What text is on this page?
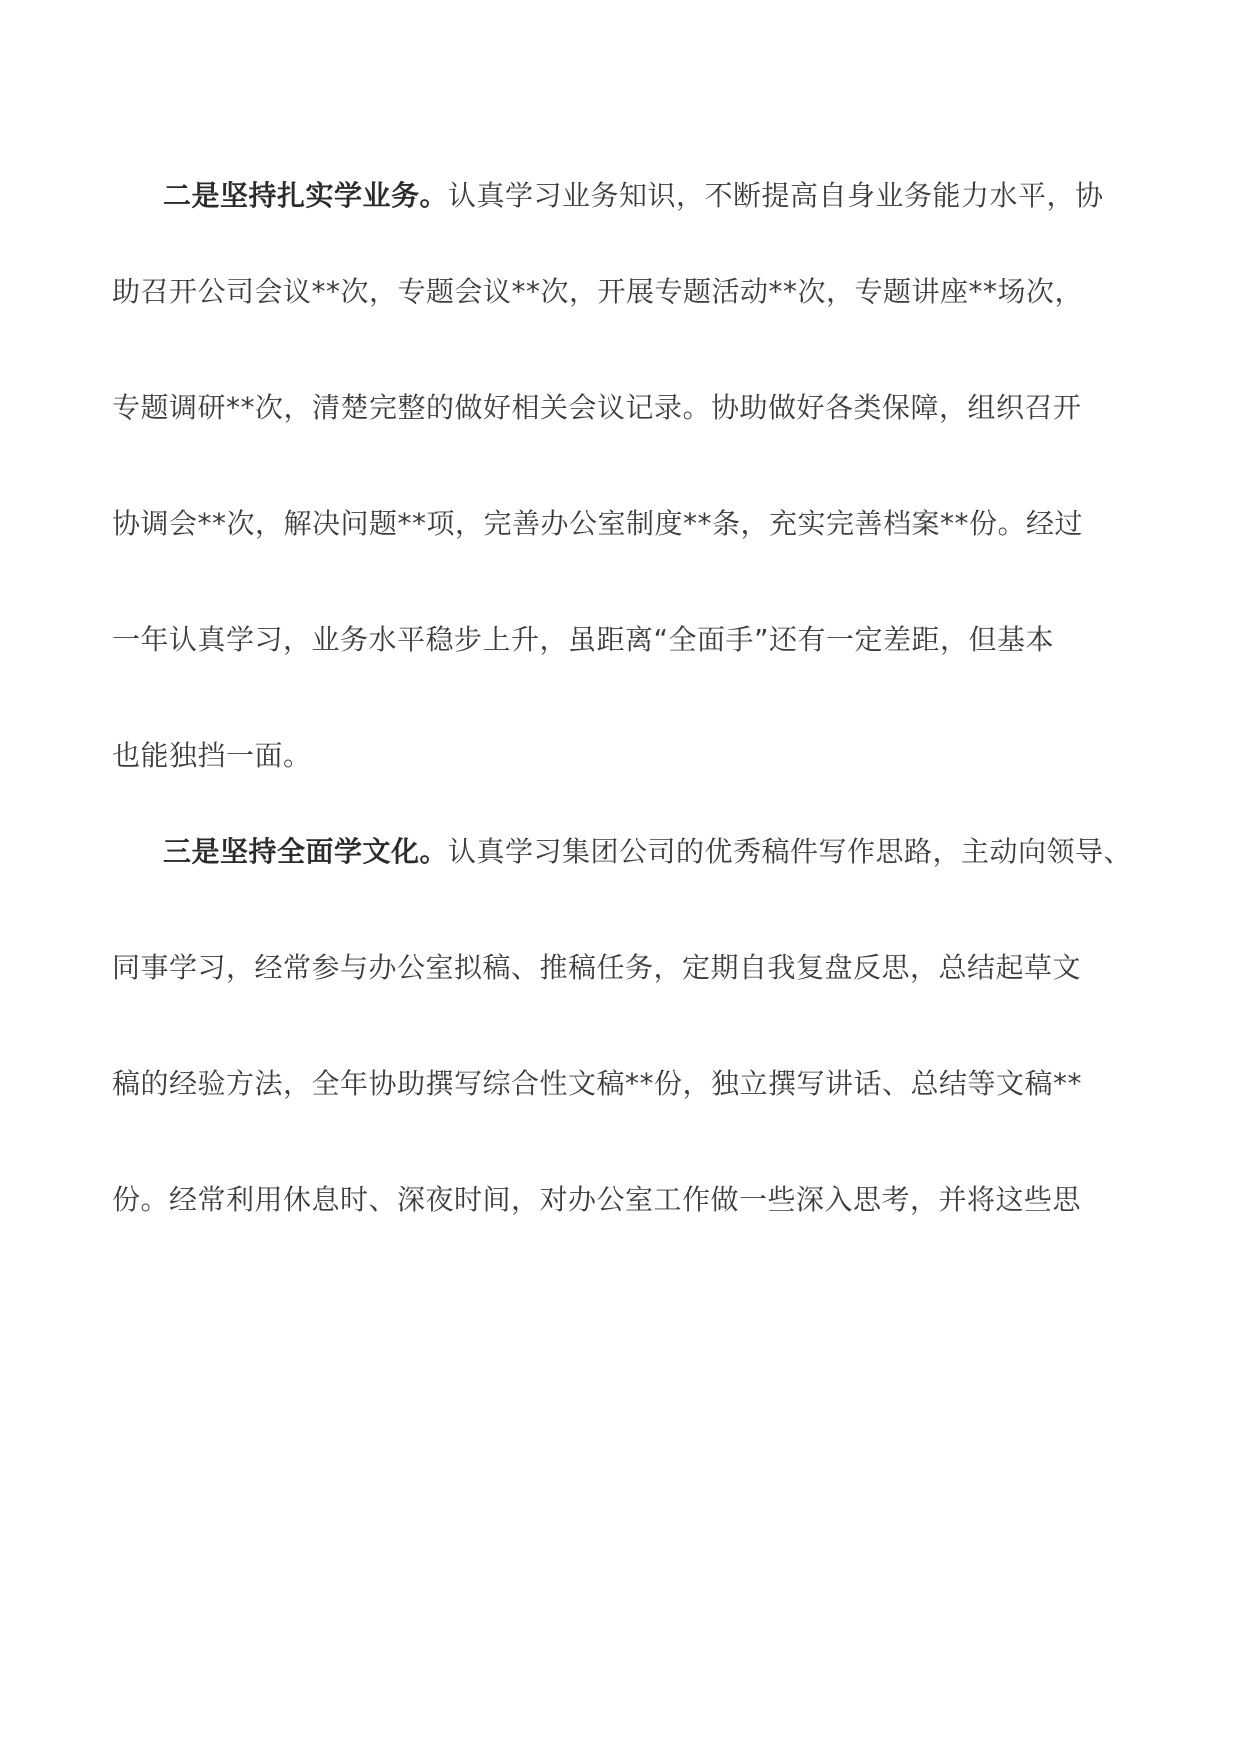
二是坚持扎实学业务。认真学习业务知识，不断提高自身业务能力水平，协
助召开公司会议**次，专题会议**次，开展专题活动**次，专题讲座**场次，
专题调研**次，清楚完整的做好相关会议记录。协助做好各类保障，组织召开
协调会**次，解决问题**项，完善办公室制度**条，充实完善档案**份。经过
一年认真学习，业务水平稳步上升，虽距离“全面手”还有一定差距，但基本
也能独挡一面。
三是坚持全面学文化。认真学习集团公司的优秀稿件写作思路，主动向领导、
同事学习，经常参与办公室拟稿、推稿任务，定期自我复盘反思，总结起草文
稿的经验方法，全年协助撰写综合性文稿**份，独立撰写讲话、总结等文稿**
份。经常利用休息时、深夜时间，对办公室工作做一些深入思考，并将这些思
